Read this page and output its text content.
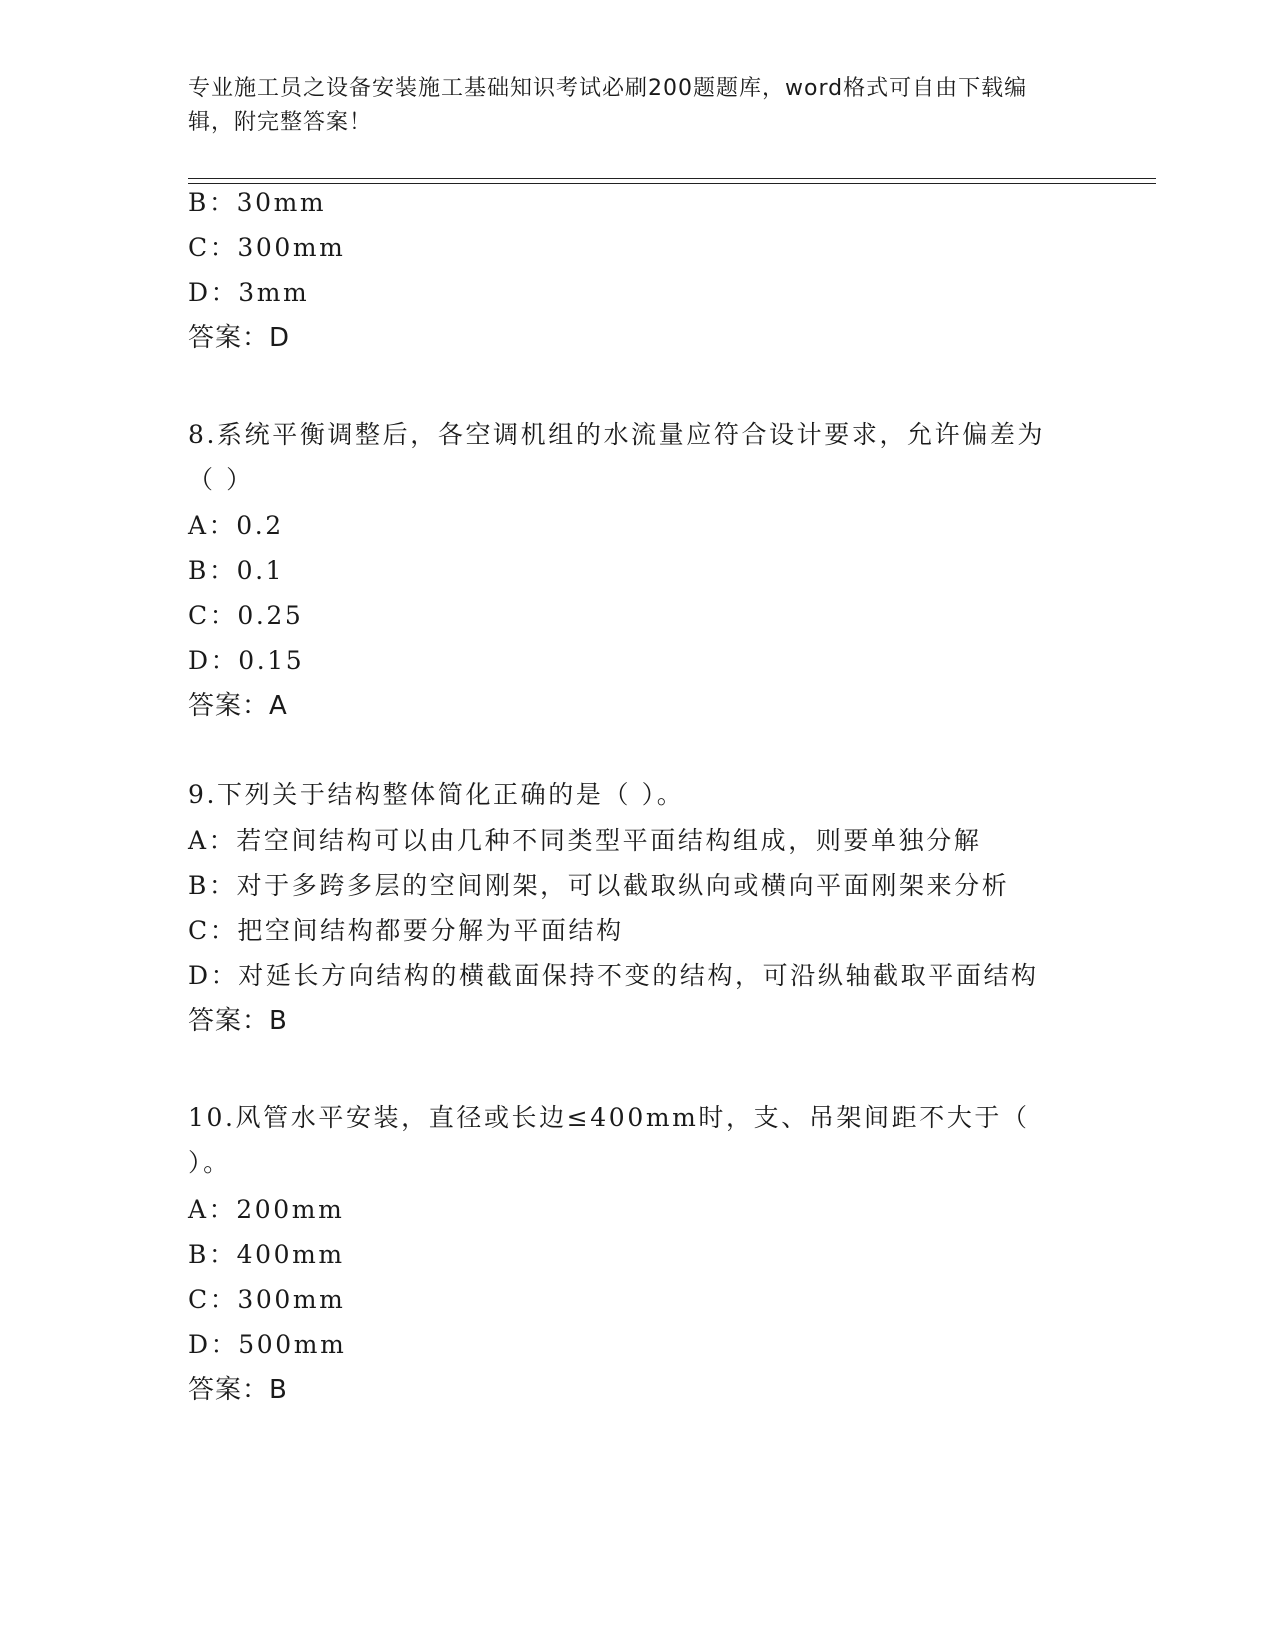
专业施工员之设备安装施工基础知识考试必刷200题题库，word格式可自由下载编辑，附完整答案！
B：30mm
C：300mm
D：3mm
答案：D
8.系统平衡调整后，各空调机组的水流量应符合设计要求，允许偏差为（ ）
A：0.2
B：0.1
C：0.25
D：0.15
答案：A
9.下列关于结构整体简化正确的是（ ）。
A：若空间结构可以由几种不同类型平面结构组成，则要单独分解
B：对于多跨多层的空间刚架，可以截取纵向或横向平面刚架来分析
C：把空间结构都要分解为平面结构
D：对延长方向结构的横截面保持不变的结构，可沿纵轴截取平面结构
答案：B
10.风管水平安装，直径或长边≤400mm时，支、吊架间距不大于（ ）。
A：200mm
B：400mm
C：300mm
D：500mm
答案：B
